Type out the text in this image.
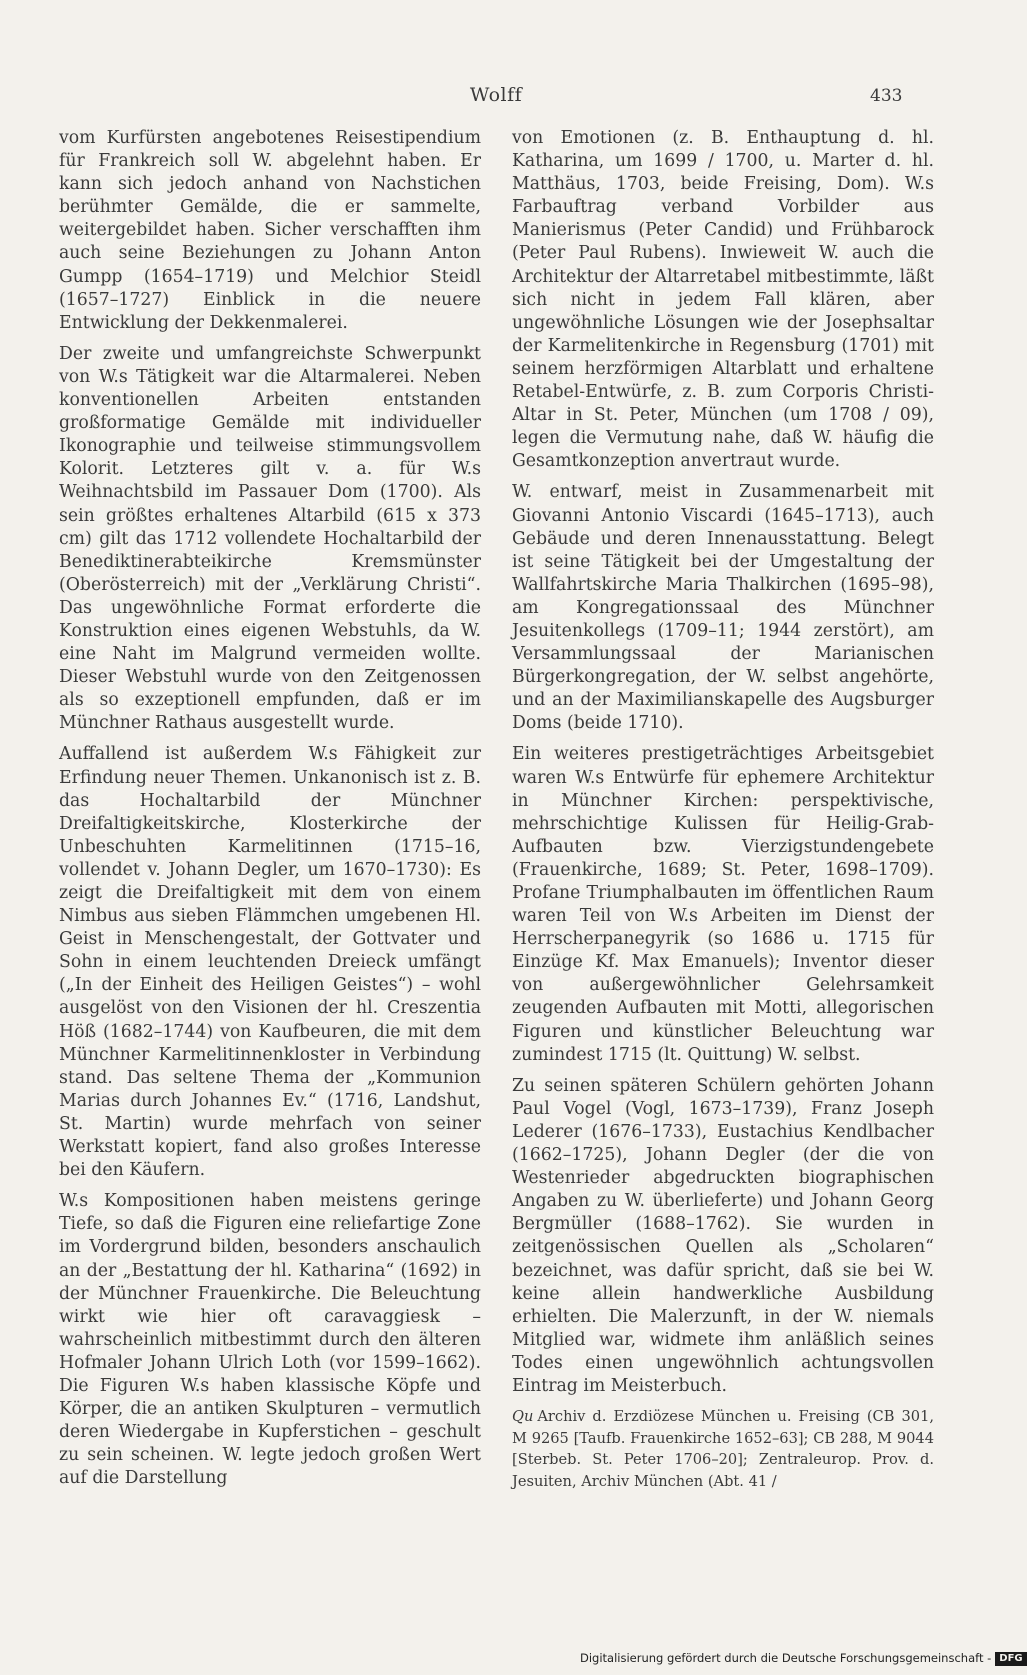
Wolff	433

vom Kurfürsten angebotenes Reisestipendium für Frankreich soll W. abgelehnt haben. Er kann sich jedoch anhand von Nachstichen berühmter Gemälde, die er sammelte, weitergebildet haben. Sicher verschafften ihm auch seine Beziehungen zu Johann Anton Gumpp (1654–1719) und Melchior Steidl (1657–1727) Einblick in die neuere Entwicklung der Dekkenmalerei.

Der zweite und umfangreichste Schwerpunkt von W.s Tätigkeit war die Altarmalerei. Neben konventionellen Arbeiten entstanden großformatige Gemälde mit individueller Ikonographie und teilweise stimmungsvollem Kolorit. Letzteres gilt v. a. für W.s Weihnachtsbild im Passauer Dom (1700). Als sein größtes erhaltenes Altarbild (615 x 373 cm) gilt das 1712 vollendete Hochaltarbild der Benediktinerabteikirche Kremsmünster (Oberösterreich) mit der „Verklärung Christi“. Das ungewöhnliche Format erforderte die Konstruktion eines eigenen Webstuhls, da W. eine Naht im Malgrund vermeiden wollte. Dieser Webstuhl wurde von den Zeitgenossen als so exzeptionell empfunden, daß er im Münchner Rathaus ausgestellt wurde.

Auffallend ist außerdem W.s Fähigkeit zur Erfindung neuer Themen. Unkanonisch ist z. B. das Hochaltarbild der Münchner Dreifaltigkeitskirche, Klosterkirche der Unbeschuhten Karmelitinnen (1715–16, vollendet v. Johann Degler, um 1670–1730): Es zeigt die Dreifaltigkeit mit dem von einem Nimbus aus sieben Flämmchen umgebenen Hl. Geist in Menschengestalt, der Gottvater und Sohn in einem leuchtenden Dreieck umfängt („In der Einheit des Heiligen Geistes“) – wohl ausgelöst von den Visionen der hl. Creszentia Höß (1682–1744) von Kaufbeuren, die mit dem Münchner Karmelitinnenkloster in Verbindung stand. Das seltene Thema der „Kommunion Marias durch Johannes Ev.“ (1716, Landshut, St. Martin) wurde mehrfach von seiner Werkstatt kopiert, fand also großes Interesse bei den Käufern.

W.s Kompositionen haben meistens geringe Tiefe, so daß die Figuren eine reliefartige Zone im Vordergrund bilden, besonders anschaulich an der „Bestattung der hl. Katharina“ (1692) in der Münchner Frauenkirche. Die Beleuchtung wirkt wie hier oft caravaggiesk – wahrscheinlich mitbestimmt durch den älteren Hofmaler Johann Ulrich Loth (vor 1599–1662). Die Figuren W.s haben klassische Köpfe und Körper, die an antiken Skulpturen – vermutlich deren Wiedergabe in Kupferstichen – geschult zu sein scheinen. W. legte jedoch großen Wert auf die Darstellung

von Emotionen (z. B. Enthauptung d. hl. Katharina, um 1699 / 1700, u. Marter d. hl. Matthäus, 1703, beide Freising, Dom). W.s Farbauftrag verband Vorbilder aus Manierismus (Peter Candid) und Frühbarock (Peter Paul Rubens). Inwieweit W. auch die Architektur der Altarretabel mitbestimmte, läßt sich nicht in jedem Fall klären, aber ungewöhnliche Lösungen wie der Josephsaltar der Karmelitenkirche in Regensburg (1701) mit seinem herzförmigen Altarblatt und erhaltene Retabel-Entwürfe, z. B. zum Corporis Christi-Altar in St. Peter, München (um 1708 / 09), legen die Vermutung nahe, daß W. häufig die Gesamtkonzeption anvertraut wurde.

W. entwarf, meist in Zusammenarbeit mit Giovanni Antonio Viscardi (1645–1713), auch Gebäude und deren Innenausstattung. Belegt ist seine Tätigkeit bei der Umgestaltung der Wallfahrtskirche Maria Thalkirchen (1695–98), am Kongregationssaal des Münchner Jesuitenkollegs (1709–11; 1944 zerstört), am Versammlungssaal der Marianischen Bürgerkongregation, der W. selbst angehörte, und an der Maximilianskapelle des Augsburger Doms (beide 1710).

Ein weiteres prestigeträchtiges Arbeitsgebiet waren W.s Entwürfe für ephemere Architektur in Münchner Kirchen: perspektivische, mehrschichtige Kulissen für Heilig-Grab-Aufbauten bzw. Vierzigstundengebete (Frauenkirche, 1689; St. Peter, 1698–1709). Profane Triumphalbauten im öffentlichen Raum waren Teil von W.s Arbeiten im Dienst der Herrscherpanegyrik (so 1686 u. 1715 für Einzüge Kf. Max Emanuels); Inventor dieser von außergewöhnlicher Gelehrsamkeit zeugenden Aufbauten mit Motti, allegorischen Figuren und künstlicher Beleuchtung war zumindest 1715 (lt. Quittung) W. selbst.

Zu seinen späteren Schülern gehörten Johann Paul Vogel (Vogl, 1673–1739), Franz Joseph Lederer (1676–1733), Eustachius Kendlbacher (1662–1725), Johann Degler (der die von Westenrieder abgedruckten biographischen Angaben zu W. überlieferte) und Johann Georg Bergmüller (1688–1762). Sie wurden in zeitgenössischen Quellen als „Scholaren“ bezeichnet, was dafür spricht, daß sie bei W. keine allein handwerkliche Ausbildung erhielten. Die Malerzunft, in der W. niemals Mitglied war, widmete ihm anläßlich seines Todes einen ungewöhnlich achtungsvollen Eintrag im Meisterbuch.

Qu Archiv d. Erzdiözese München u. Freising (CB 301, M 9265 [Taufb. Frauenkirche 1652–63]; CB 288, M 9044 [Sterbeb. St. Peter 1706–20]; Zentraleurop. Prov. d. Jesuiten, Archiv München (Abt. 41 /

Digitalisierung gefördert durch die Deutsche Forschungsgemeinschaft - DFG
